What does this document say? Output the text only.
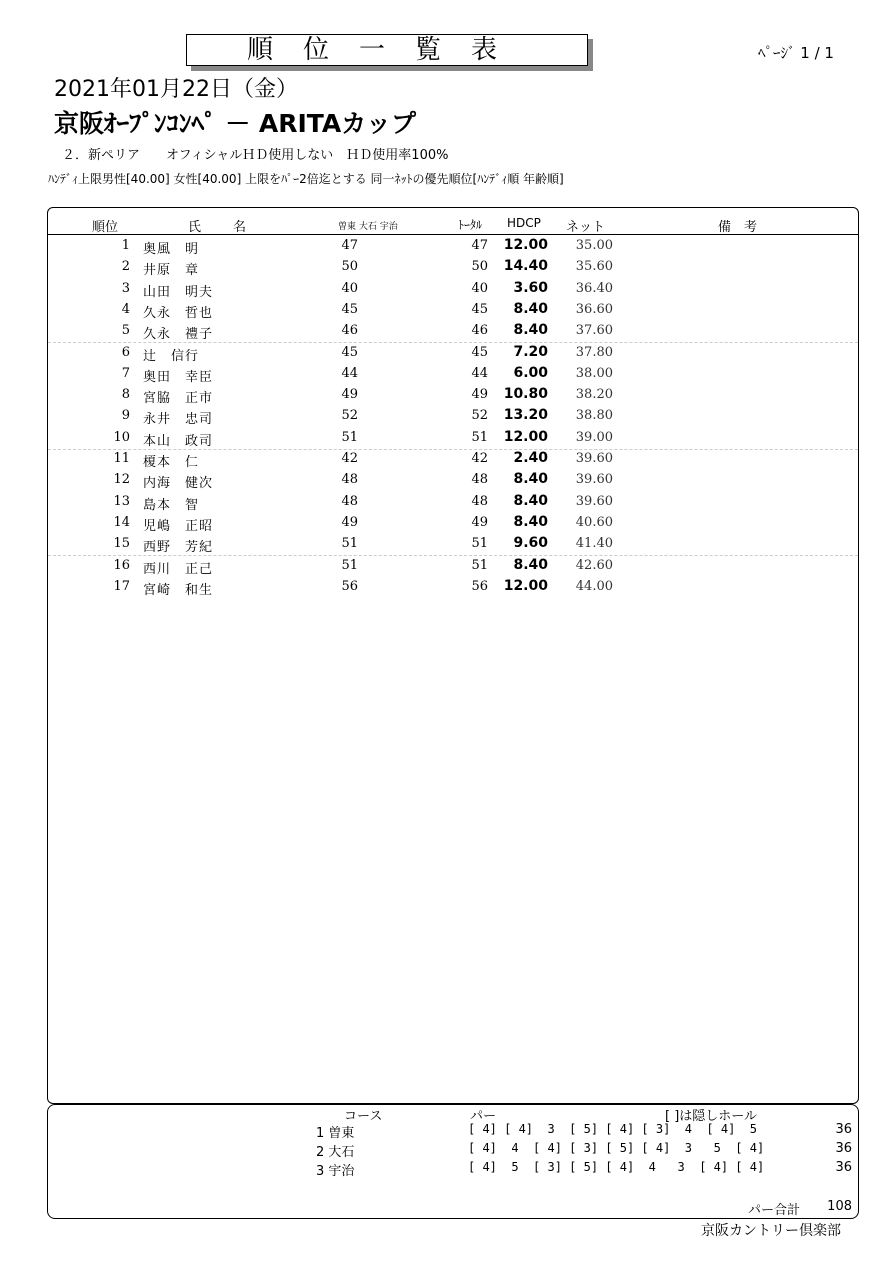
順位一覧表	ﾍﾟｰｼﾞ 1 / 1
2021年01月22日（金）
京阪ｵｰﾌﾟﾝｺﾝﾍﾟ － ARITAカップ
２．新ペリア　　オフィシャルＨＤ使用しない　ＨＤ使用率100%
ﾊﾝﾃﾞｨ上限男性[40.00] 女性[40.00] 上限をﾊﾟｰ2倍迄とする 同一ﾈｯﾄの優先順位[ﾊﾝﾃﾞｨ順 年齢順]
順位	氏　　名	曽東 大石 宇治	ﾄｰﾀﾙ HDCP ネット	備　考
1 奥風　明	47	47	12.00	35.00
2 井原　章	50	50	14.40	35.60
3 山田　明夫	40	40	3.60	36.40
4 久永　哲也	45	45	8.40	36.60
5 久永　禮子	46	46	8.40	37.60
6 辻　信行	45	45	7.20	37.80
7 奥田　幸臣	44	44	6.00	38.00
8 宮脇　正市	49	49	10.80	38.20
9 永井　忠司	52	52	13.20	38.80
10 本山　政司	51	51	12.00	39.00
11 榎本　仁	42	42	2.40	39.60
12 内海　健次	48	48	8.40	39.60
13 島本　智	48	48	8.40	39.60
14 児嶋　正昭	49	49	8.40	40.60
15 西野　芳紀	51	51	9.60	41.40
16 西川　正己	51	51	8.40	42.60
17 宮崎　和生	56	56	12.00	44.00
コース	パー	[ ]は隠しホール
1 曽東	[ 4] [ 4]  3  [ 5] [ 4] [ 3]  4  [ 4]  5	36
2 大石	[ 4]  4  [ 4] [ 3] [ 5] [ 4]  3   5  [ 4]	36
3 宇治	[ 4]  5  [ 3] [ 5] [ 4]  4   3  [ 4] [ 4]	36
パー合計 108
京阪カントリー倶楽部
